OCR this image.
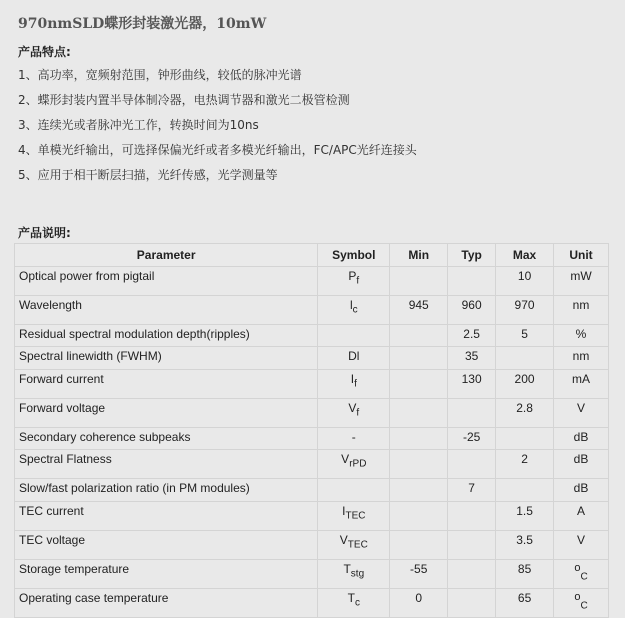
970nmSLD蝶形封装激光器，10mW
产品特点:
1、高功率，宽频射范围，钟形曲线，较低的脉冲光谱
2、蝶形封装内置半导体制冷器，电热调节器和激光二极管检测
3、连续光或者脉冲光工作，转换时间为10ns
4、单模光纤输出，可选择保偏光纤或者多模光纤输出，FC/APC光纤连接头
5、应用于相干断层扫描，光纤传感，光学测量等
产品说明:
Parameter	Symbol	Min	Typ	Max	Unit
Optical power from pigtail	$P_f$			10	mW
Wavelength	$l_c$	945	960	970	nm
Residual spectral modulation depth(ripples)			2.5	5	%
Spectral linewidth (FWHM)	Dl		35		nm
Forward current	$I_f$		130	200	mA
Forward voltage	$V_f$			2.8	V
Secondary coherence subpeaks	-		-25		dB
Spectral Flatness	$V_{rPD}$			2	dB
Slow/fast polarization ratio (in PM modules)			7		dB
TEC current	$I_{TEC}$			1.5	A
TEC voltage	$V_{TEC}$			3.5	V
Storage temperature	$T_{stg}$	-55		85	$^o_C$
Operating case temperature	$T_c$	0		65	$^o_C$
